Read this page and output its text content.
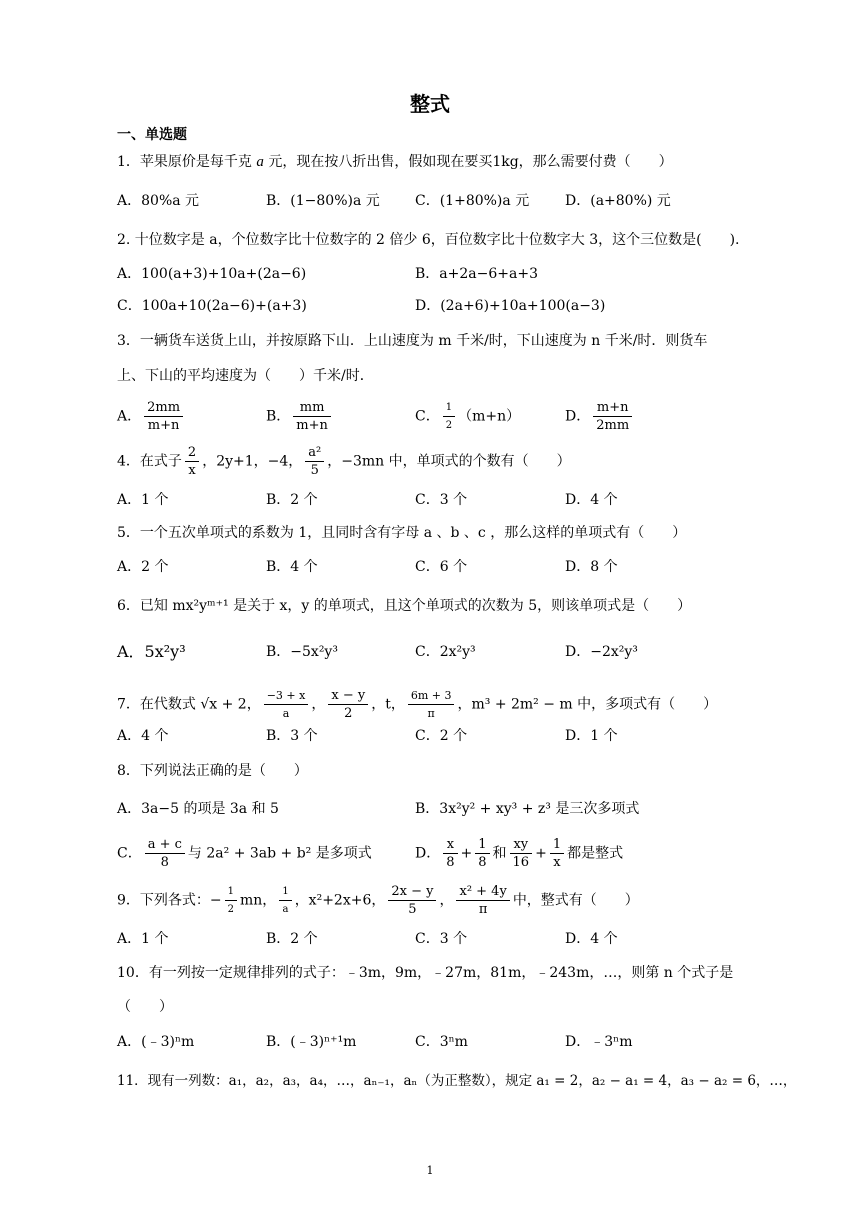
整式
一、单选题
1．苹果原价是每千克 a 元，现在按八折出售，假如现在要买1kg，那么需要付费（　　）
A．80%a 元	B．(1−80%)a 元	C．(1+80%)a 元	D．(a+80%) 元
2. 十位数字是 a，个位数字比十位数字的 2 倍少 6，百位数字比十位数字大 3，这个三位数是(　　).
A．100(a+3)+10a+(2a−6)	B．a+2a−6+a+3
C．100a+10(2a−6)+(a+3)	D．(2a+6)+10a+100(a−3)
3．一辆货车送货上山，并按原路下山．上山速度为 m 千米/时，下山速度为 n 千米/时．则货车
上、下山的平均速度为（　　）千米/时．
A． $\frac{2mm}{m+n}$	B． $\frac{mm}{m+n}$	C． $\frac{1}{2} (m+n)$	D． $\frac{m+n}{2mm}$
4．在式子 $\frac{2}{x}$ ，2y+1，−4， $\frac{\text{a²}}{5}$ ，−3mn 中，单项式的个数有（　　）
A．1 个	B．2 个	C．3 个	D．4 个
5．一个五次单项式的系数为 1，且同时含有字母 a 、b 、c ，那么这样的单项式有（　　）
A．2 个	B．4 个	C．6 个	D．8 个
6．已知 mx²yᵐ⁺¹ 是关于 x，y 的单项式，且这个单项式的次数为 5，则该单项式是（　　）
A．5x²y³	B．−5x²y³	C．2x²y³	D．−2x²y³
7．在代数式 √x + 2， $\frac{-3 + x}{a}$ ， $\frac{x - y}{2}$ ，t， $\frac{6m + 3}{\pi}$ ，m³ + 2m² − m 中，多项式有（　　）
A．4 个	B．3 个	C．2 个	D．1 个
8．下列说法正确的是（　　）
A．3a−5 的项是 3a 和 5	B．3x²y² + xy³ + z³ 是三次多项式
C． $\frac{a + c}{8}$ 与 2a² + 3ab + b² 是多项式	D． $\frac{x}{8} + \frac{1}{8}$ 和 $\frac{xy}{16} + \frac{1}{x}$ 都是整式
9．下列各式：− $\frac{1}{2}$ mn， $\frac{1}{a}$ ，x²+2x+6， $\frac{2x - y}{5}$ ， $\frac{\text{x² + 4y}}{\pi}$ 中，整式有（　　）
A．1 个	B．2 个	C．3 个	D．4 个
10．有一列按一定规律排列的式子：﹣3m，9m，﹣27m，81m，﹣243m，…，则第 n 个式子是
（　　）
A．(﹣3)ⁿm	B．(﹣3)ⁿ⁺¹m	C．3ⁿm	D．﹣3ⁿm
11．现有一列数：a₁，a₂，a₃，a₄，…，aₙ₋₁，aₙ（为正整数），规定 a₁ = 2，a₂ − a₁ = 4，a₃ − a₂ = 6，…，
1
